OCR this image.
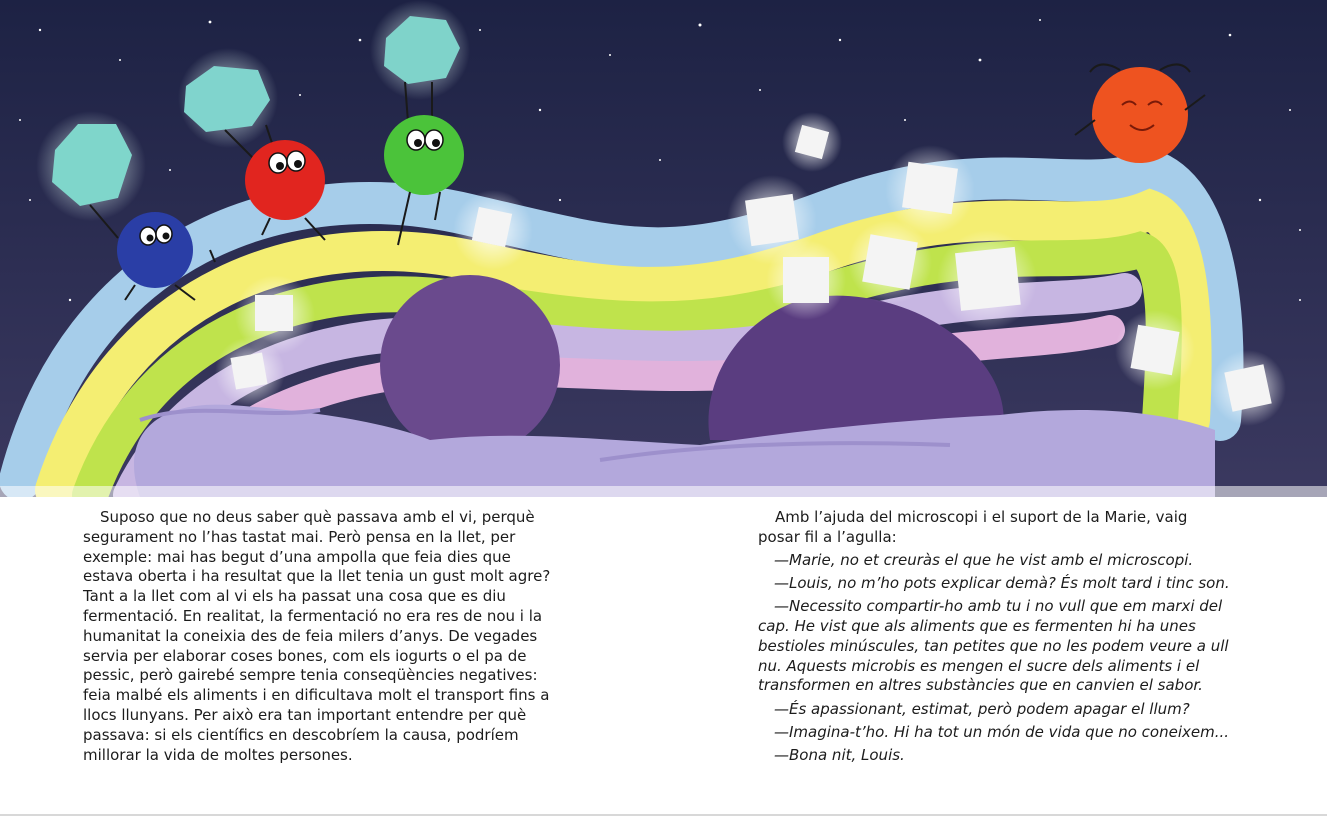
Suposo que no deus saber què passava amb el vi, perquè segurament no l’has tastat mai. Però pensa en la llet, per exemple: mai has begut d’una ampolla que feia dies que estava oberta i ha resultat que la llet tenia un gust molt agre? Tant a la llet com al vi els ha passat una cosa que es diu fermentació. En realitat, la fermentació no era res de nou i la humanitat la coneixia des de feia milers d’anys. De vegades servia per elaborar coses bones, com els iogurts o el pa de pessic, però gairebé sempre tenia conseqüències negatives: feia malbé els aliments i en dificultava molt el transport fins a llocs llunyans. Per això era tan important entendre per què passava: si els científics en descobríem la causa, podríem millorar la vida de moltes persones.

Amb l’ajuda del microscopi i el suport de la Marie, vaig posar fil a l’agulla:

—Marie, no et creuràs el que he vist amb el microscopi.

—Louis, no m’ho pots explicar demà? És molt tard i tinc son.

—Necessito compartir-ho amb tu i no vull que em marxi del cap. He vist que als aliments que es fermenten hi ha unes bestioles minúscules, tan petites que no les podem veure a ull nu. Aquests microbis es mengen el sucre dels aliments i el transformen en altres substàncies que en canvien el sabor.

—És apassionant, estimat, però podem apagar el llum?

—Imagina-t’ho. Hi ha tot un món de vida que no coneixem...

—Bona nit, Louis.
